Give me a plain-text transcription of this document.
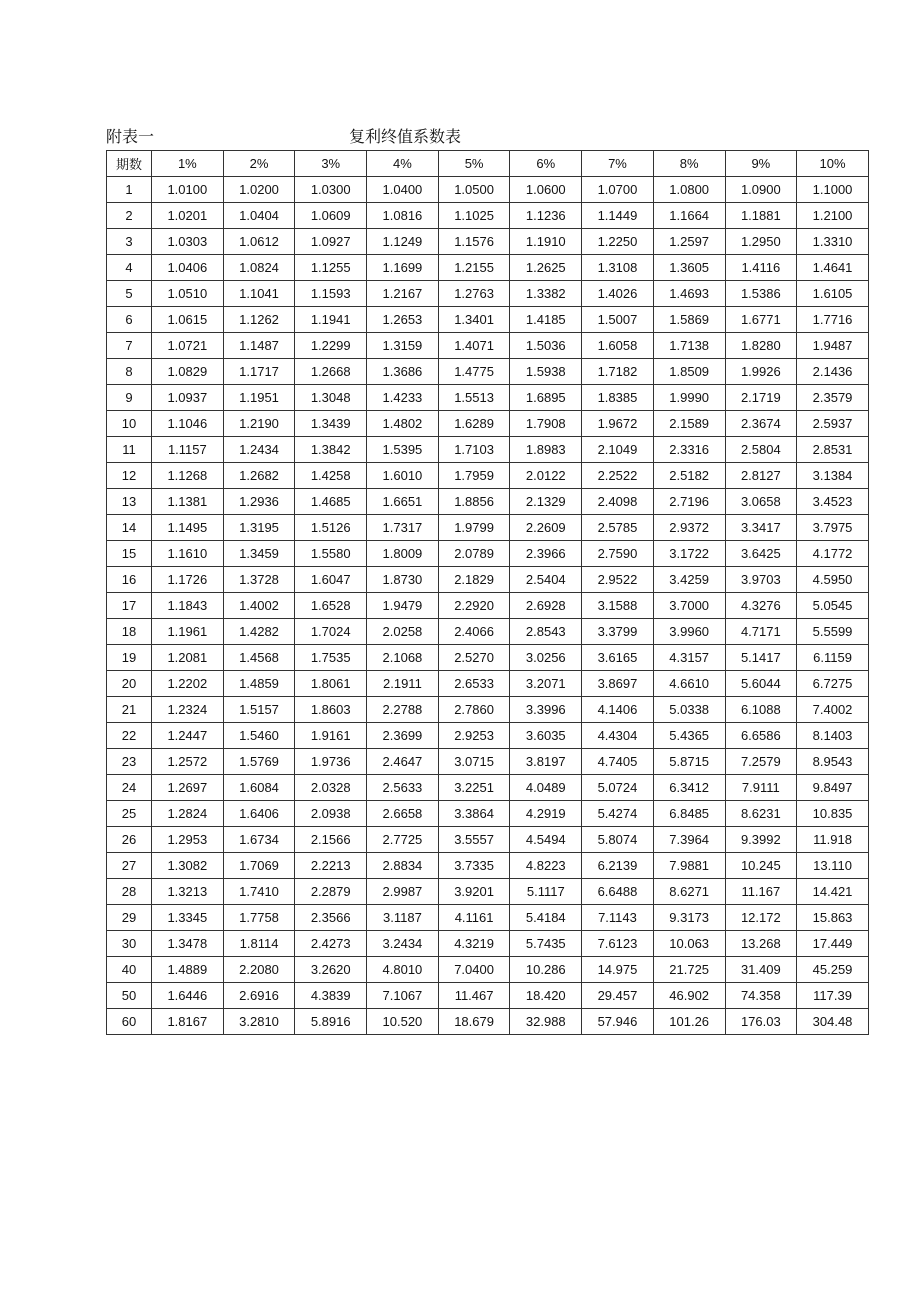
附表一	复利终值系数表
期数	1%	2%	3%	4%	5%	6%	7%	8%	9%	10%
1	1.0100	1.0200	1.0300	1.0400	1.0500	1.0600	1.0700	1.0800	1.0900	1.1000
2	1.0201	1.0404	1.0609	1.0816	1.1025	1.1236	1.1449	1.1664	1.1881	1.2100
3	1.0303	1.0612	1.0927	1.1249	1.1576	1.1910	1.2250	1.2597	1.2950	1.3310
4	1.0406	1.0824	1.1255	1.1699	1.2155	1.2625	1.3108	1.3605	1.4116	1.4641
5	1.0510	1.1041	1.1593	1.2167	1.2763	1.3382	1.4026	1.4693	1.5386	1.6105
6	1.0615	1.1262	1.1941	1.2653	1.3401	1.4185	1.5007	1.5869	1.6771	1.7716
7	1.0721	1.1487	1.2299	1.3159	1.4071	1.5036	1.6058	1.7138	1.8280	1.9487
8	1.0829	1.1717	1.2668	1.3686	1.4775	1.5938	1.7182	1.8509	1.9926	2.1436
9	1.0937	1.1951	1.3048	1.4233	1.5513	1.6895	1.8385	1.9990	2.1719	2.3579
10	1.1046	1.2190	1.3439	1.4802	1.6289	1.7908	1.9672	2.1589	2.3674	2.5937
11	1.1157	1.2434	1.3842	1.5395	1.7103	1.8983	2.1049	2.3316	2.5804	2.8531
12	1.1268	1.2682	1.4258	1.6010	1.7959	2.0122	2.2522	2.5182	2.8127	3.1384
13	1.1381	1.2936	1.4685	1.6651	1.8856	2.1329	2.4098	2.7196	3.0658	3.4523
14	1.1495	1.3195	1.5126	1.7317	1.9799	2.2609	2.5785	2.9372	3.3417	3.7975
15	1.1610	1.3459	1.5580	1.8009	2.0789	2.3966	2.7590	3.1722	3.6425	4.1772
16	1.1726	1.3728	1.6047	1.8730	2.1829	2.5404	2.9522	3.4259	3.9703	4.5950
17	1.1843	1.4002	1.6528	1.9479	2.2920	2.6928	3.1588	3.7000	4.3276	5.0545
18	1.1961	1.4282	1.7024	2.0258	2.4066	2.8543	3.3799	3.9960	4.7171	5.5599
19	1.2081	1.4568	1.7535	2.1068	2.5270	3.0256	3.6165	4.3157	5.1417	6.1159
20	1.2202	1.4859	1.8061	2.1911	2.6533	3.2071	3.8697	4.6610	5.6044	6.7275
21	1.2324	1.5157	1.8603	2.2788	2.7860	3.3996	4.1406	5.0338	6.1088	7.4002
22	1.2447	1.5460	1.9161	2.3699	2.9253	3.6035	4.4304	5.4365	6.6586	8.1403
23	1.2572	1.5769	1.9736	2.4647	3.0715	3.8197	4.7405	5.8715	7.2579	8.9543
24	1.2697	1.6084	2.0328	2.5633	3.2251	4.0489	5.0724	6.3412	7.9111	9.8497
25	1.2824	1.6406	2.0938	2.6658	3.3864	4.2919	5.4274	6.8485	8.6231	10.835
26	1.2953	1.6734	2.1566	2.7725	3.5557	4.5494	5.8074	7.3964	9.3992	11.918
27	1.3082	1.7069	2.2213	2.8834	3.7335	4.8223	6.2139	7.9881	10.245	13.110
28	1.3213	1.7410	2.2879	2.9987	3.9201	5.1117	6.6488	8.6271	11.167	14.421
29	1.3345	1.7758	2.3566	3.1187	4.1161	5.4184	7.1143	9.3173	12.172	15.863
30	1.3478	1.8114	2.4273	3.2434	4.3219	5.7435	7.6123	10.063	13.268	17.449
40	1.4889	2.2080	3.2620	4.8010	7.0400	10.286	14.975	21.725	31.409	45.259
50	1.6446	2.6916	4.3839	7.1067	11.467	18.420	29.457	46.902	74.358	117.39
60	1.8167	3.2810	5.8916	10.520	18.679	32.988	57.946	101.26	176.03	304.48
